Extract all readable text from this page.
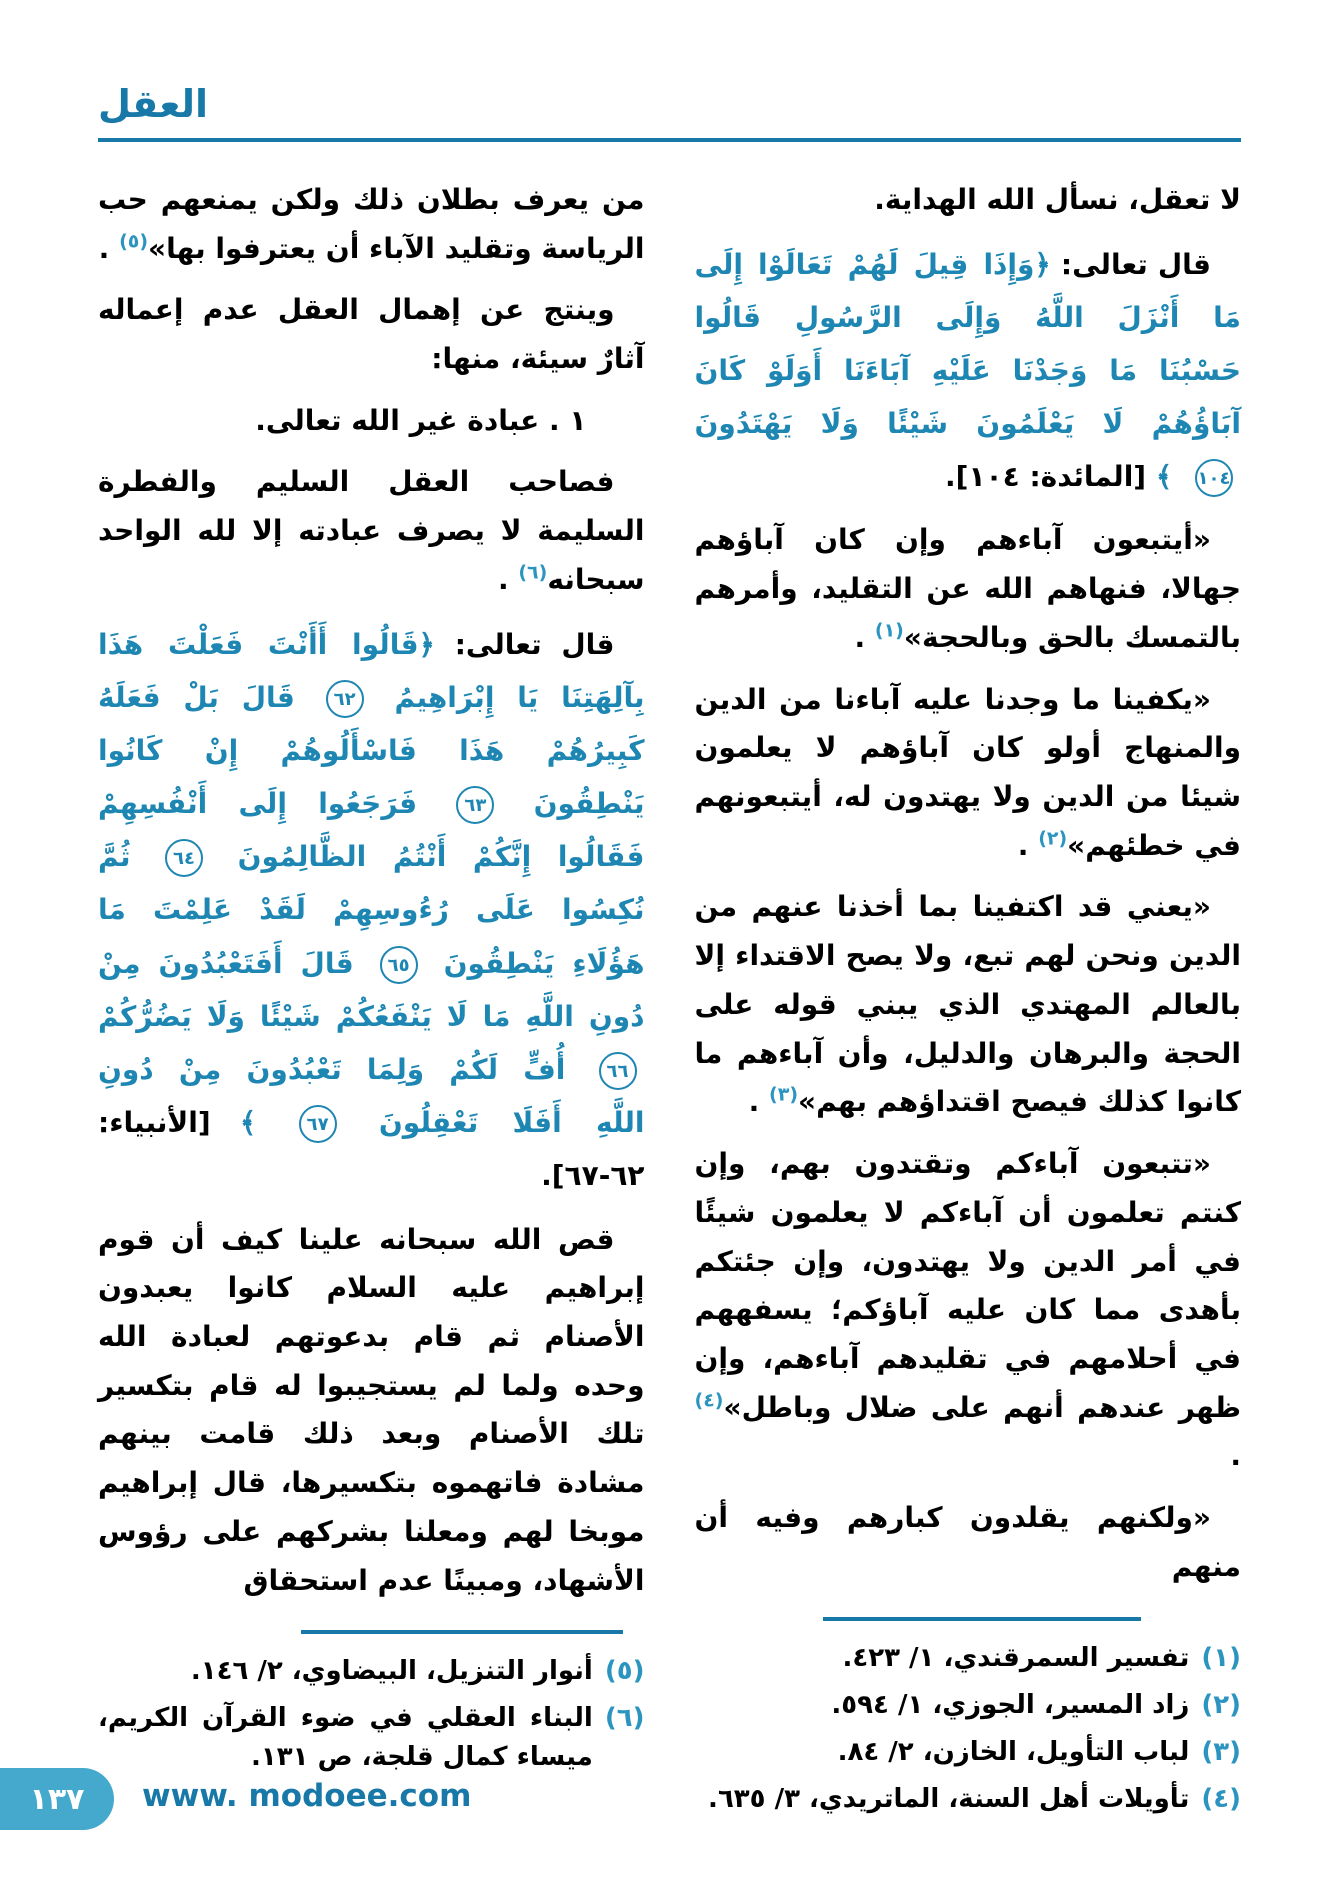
العقل

لا تعقل، نسأل الله الهداية.

قال تعالى: ﴿وَإِذَا قِيلَ لَهُمْ تَعَالَوْا إِلَى مَا أَنْزَلَ اللَّهُ وَإِلَى الرَّسُولِ قَالُوا حَسْبُنَا مَا وَجَدْنَا عَلَيْهِ آبَاءَنَا أَوَلَوْ كَانَ آبَاؤُهُمْ لَا يَعْلَمُونَ شَيْئًا وَلَا يَهْتَدُونَ ١٠٤ ﴾ [المائدة: ١٠٤].

«أيتبعون آباءهم وإن كان آباؤهم جهالا، فنهاهم الله عن التقليد، وأمرهم بالتمسك بالحق وبالحجة»$^{(١)}$ .

«يكفينا ما وجدنا عليه آباءنا من الدين والمنهاج أولو كان آباؤهم لا يعلمون شيئا من الدين ولا يهتدون له، أيتبعونهم في خطئهم»$^{(٢)}$ .

«يعني قد اكتفينا بما أخذنا عنهم من الدين ونحن لهم تبع، ولا يصح الاقتداء إلا بالعالم المهتدي الذي يبني قوله على الحجة والبرهان والدليل، وأن آباءهم ما كانوا كذلك فيصح اقتداؤهم بهم»$^{(٣)}$ .

«تتبعون آباءكم وتقتدون بهم، وإن كنتم تعلمون أن آباءكم لا يعلمون شيئًا في أمر الدين ولا يهتدون، وإن جئتكم بأهدى مما كان عليه آباؤكم؛ يسفههم في أحلامهم في تقليدهم آباءهم، وإن ظهر عندهم أنهم على ضلال وباطل»$^{(٤)}$ .

«ولكنهم يقلدون كبارهم وفيه أن منهم

(١)
تفسير السمرقندي، ١/ ٤٢٣.
(٢)
زاد المسير، الجوزي، ١/ ٥٩٤.
(٣)
لباب التأويل، الخازن، ٢/ ٨٤.
(٤)
تأويلات أهل السنة، الماتريدي، ٣/ ٦٣٥.

من يعرف بطلان ذلك ولكن يمنعهم حب الرياسة وتقليد الآباء أن يعترفوا بها»$^{(٥)}$ .

وينتج عن إهمال العقل عدم إعماله آثارٌ سيئة، منها:

١ . عبادة غير الله تعالى.

فصاحب العقل السليم والفطرة السليمة لا يصرف عبادته إلا لله الواحد سبحانه$^{(٦)}$ .

قال تعالى: ﴿قَالُوا أَأَنْتَ فَعَلْتَ هَذَا بِآلِهَتِنَا يَا إِبْرَاهِيمُ ٦٢ قَالَ بَلْ فَعَلَهُ كَبِيرُهُمْ هَذَا فَاسْأَلُوهُمْ إِنْ كَانُوا يَنْطِقُونَ ٦٣ فَرَجَعُوا إِلَى أَنْفُسِهِمْ فَقَالُوا إِنَّكُمْ أَنْتُمُ الظَّالِمُونَ ٦٤ ثُمَّ نُكِسُوا عَلَى رُءُوسِهِمْ لَقَدْ عَلِمْتَ مَا هَؤُلَاءِ يَنْطِقُونَ ٦٥ قَالَ أَفَتَعْبُدُونَ مِنْ دُونِ اللَّهِ مَا لَا يَنْفَعُكُمْ شَيْئًا وَلَا يَضُرُّكُمْ ٦٦ أُفٍّ لَكُمْ وَلِمَا تَعْبُدُونَ مِنْ دُونِ اللَّهِ أَفَلَا تَعْقِلُونَ ٦٧ ﴾ [الأنبياء: ٦٢-٦٧].

قص الله سبحانه علينا كيف أن قوم إبراهيم عليه السلام كانوا يعبدون الأصنام ثم قام بدعوتهم لعبادة الله وحده ولما لم يستجيبوا له قام بتكسير تلك الأصنام وبعد ذلك قامت بينهم مشادة فاتهموه بتكسيرها، قال إبراهيم موبخا لهم ومعلنا بشركهم على رؤوس الأشهاد، ومبينًا عدم استحقاق

(٥)
أنوار التنزيل، البيضاوي، ٢/ ١٤٦.
(٦)
البناء العقلي في ضوء القرآن الكريم، ميساء كمال قلجة، ص ١٣١.
١٣٧ www. modoee.com
